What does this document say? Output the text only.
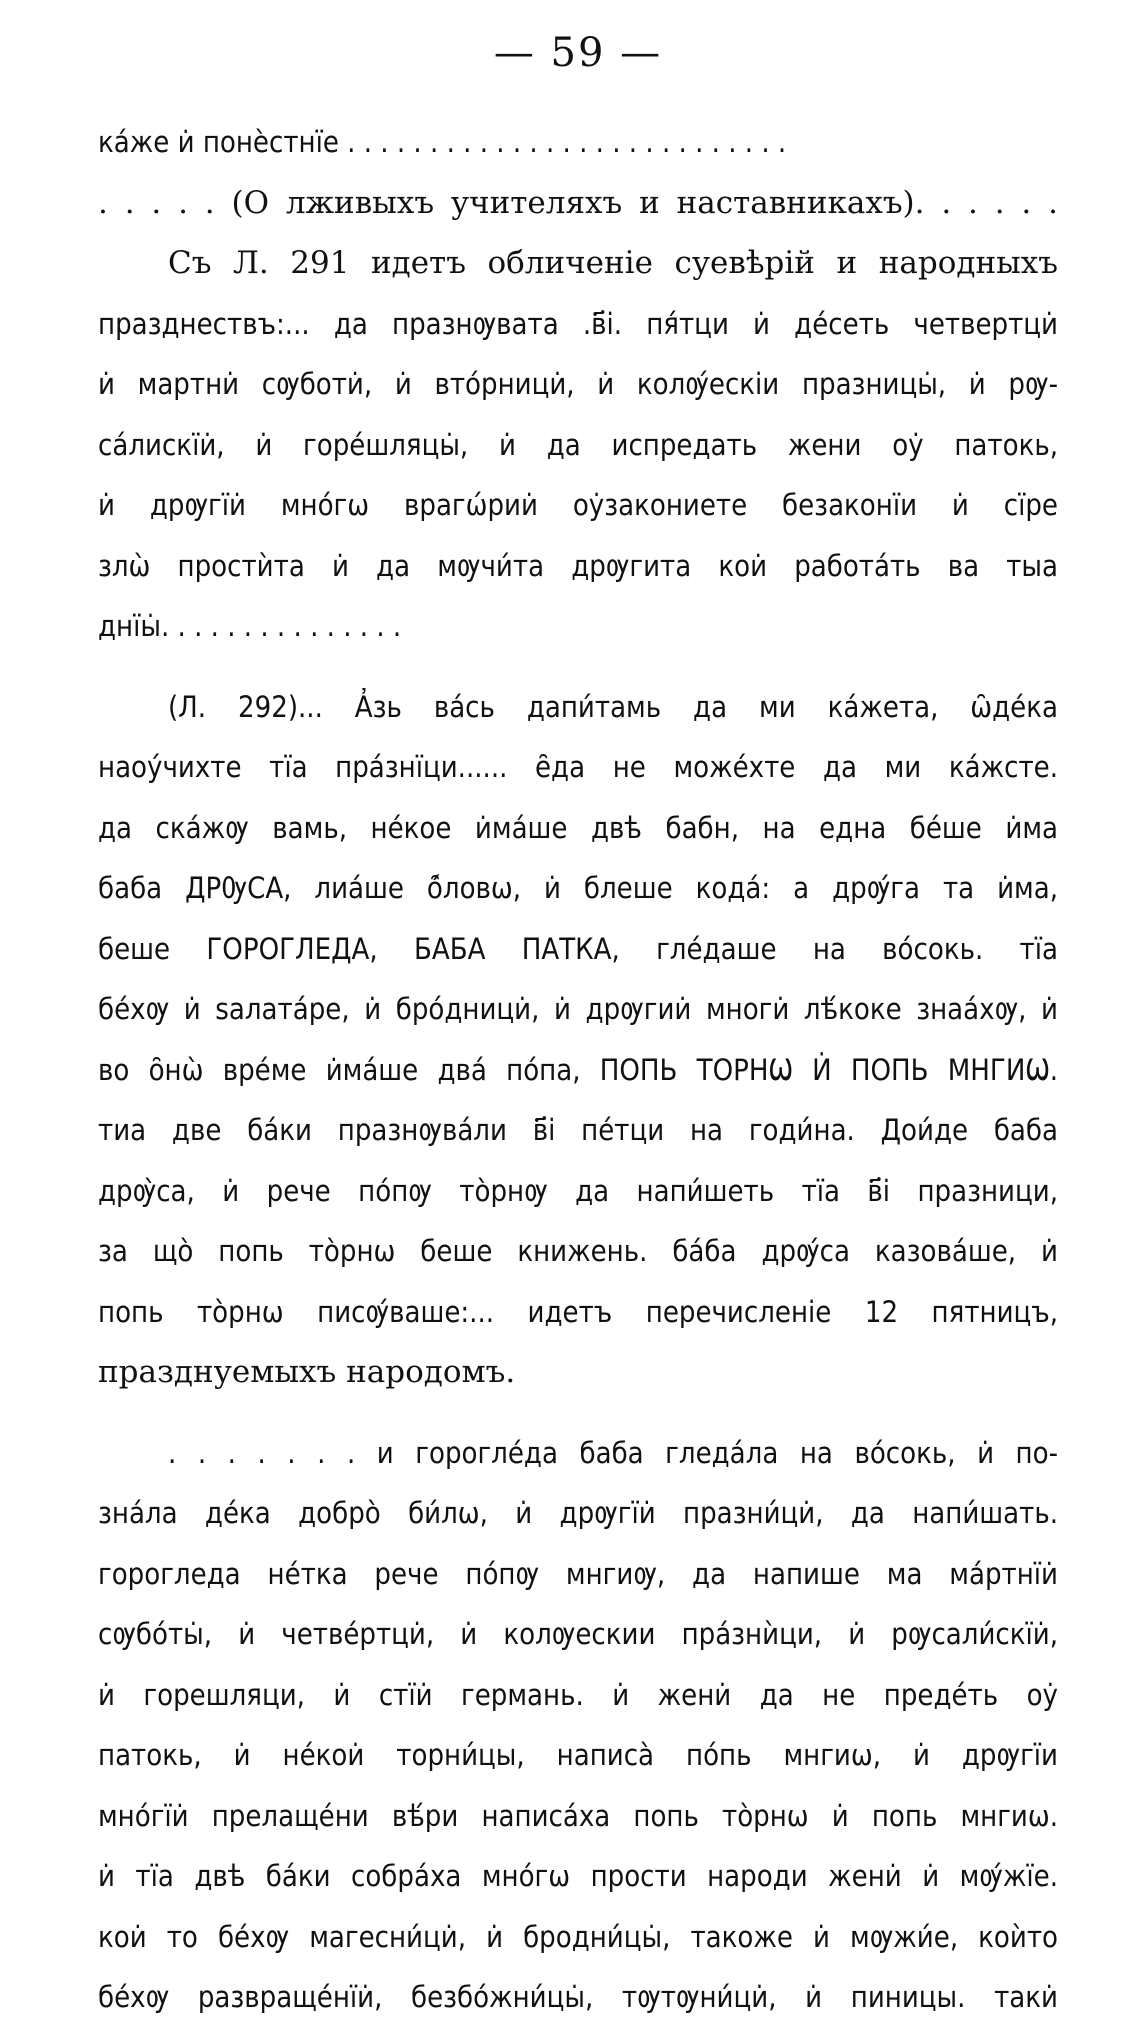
— 59 —
ка́же и̇ понѐстнїе . . . . . . . . . . . . . . . . . . . . . . . . . . .
. . . . . (О лживыхъ учителяхъ и наставникахъ). . . . . .
Съ Л. 291 идетъ обличеніе суевѣрій и народныхъ
празднествъ:... да празнѹвата .в҃і. пя́тци и̇ де́сеть четвертци̇
и̇ мартни̇ сѹботи̇, и̇ вто́рници̇, и̇ колѹ́ескіи празницы̇, и̇ рѹ-
са́лискїи̇, и̇ горе́шляцы̇, и̇ да испредать жени оу̇ патокь,
и̇ дрѹгїи̇ мно́гѡ врагѡ́рии̇ оу̇закониете безаконїи и̇ сїре
злѡ̀ простѝта и̇ да мѹчи́та дрѹгита кои̇ работа́ть ва тыа
днїы̇. . . . . . . . . . . . . . .
(Л. 292)... А҆зь ва́сь дапи́тамь да ми ка́жета, ѡ̑де́ка
наоу́чихте тїа пра́знїци...... е̑да не може́хте да ми ка́жсте.
да ска́жѹ вамь, не́кое и̇ма́ше двѣ бабн, на една бе́ше и̇ма
баба ДРѸСА, лиа́ше о̑́ловѡ, и̇ блеше кода́: а дрѹ́га та и̇ма,
беше ГОРОГЛЕДА, БАБА ПАТКА, гле́даше на во́сокь. тїа
бе́хѹ и̇ ѕалата́ре, и̇ бро́дници̇, и̇ дрѹгии̇ многи̇ лѣ́коке знаа́хѹ, и̇
во о̑нѡ̀ вре́ме и̇ма́ше два́ по́па, ПОПЬ ТОРНѠ И̇ ПОПЬ МНГИѠ.
тиа две ба́ки празнѹва́ли в҃і пе́тци на годи́на. Дои́де баба
дрѹ̀са, и̇ рече по́пѹ то̀рнѹ да напи́шеть тїа в҃і празници,
за що̀ попь то̀рнѡ беше книжень. ба́ба дрѹ́са казова́ше, и̇
попь то̀рнѡ писѹ́ваше:... идетъ перечисленіе 12 пятницъ,
празднуемыхъ народомъ.
. . . . . . . и горогле́да баба гледа́ла на во́сокь, и̇ по-
зна́ла де́ка добро̀ би́лѡ, и̇ дрѹгїи̇ празни́ци̇, да напи́шать.
горогледа не́тка рече по́пѹ мнгиѹ, да напише ма ма́ртнїи̇
сѹбо́ты̇, и̇ четве́ртци̇, и̇ колѹескии пра́знѝци, и̇ рѹсали́скїи̇,
и̇ горешляци, и̇ стїи̇ германь. и̇ жени̇ да не преде́ть оу̇
патокь, и̇ не́кои̇ торни́цы, написа̀ по́пь мнгиѡ, и̇ дрѹгїи
мно́гїи̇ прелаще́ни вѣ́ри написа́ха попь то̀рнѡ и̇ попь мнгиѡ.
и̇ тїа двѣ ба́ки собра́ха мно́гѡ прости народи жени̇ и̇ мѹ́жїе.
кои̇ то бе́хѹ магесни́ци̇, и̇ бродни́цы̇, такоже и̇ мѹжи́е, коѝто
бе́хѹ развраще́нїи̇, безбо́жни́цы̇, тѹтѹни́ци̇, и̇ пиницы. таки̇
